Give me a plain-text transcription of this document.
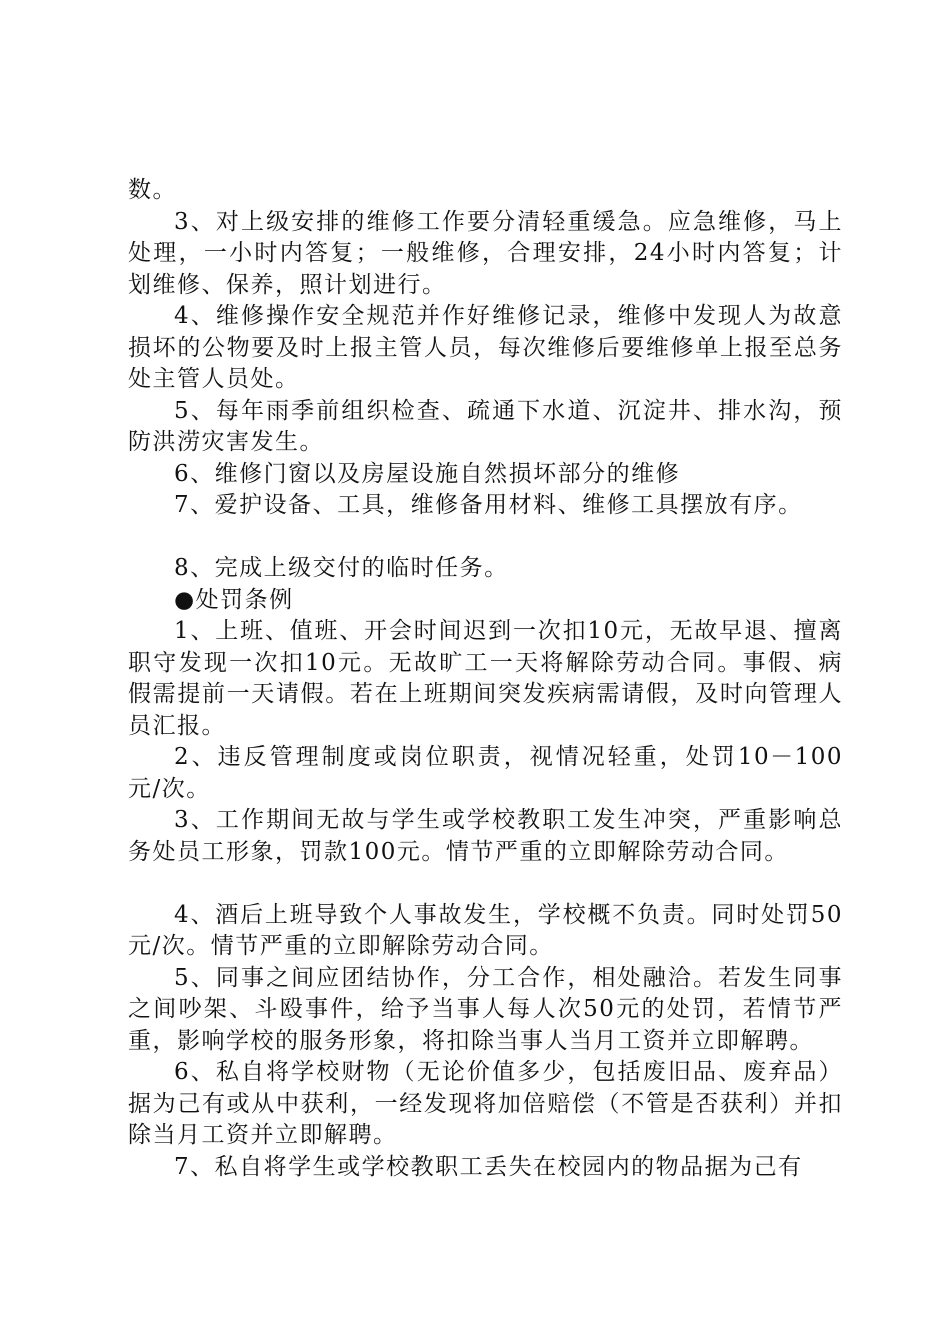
数。

3、对上级安排的维修工作要分清轻重缓急。应急维修，马上处理，一小时内答复；一般维修，合理安排，24小时内答复；计划维修、保养，照计划进行。

4、维修操作安全规范并作好维修记录，维修中发现人为故意损坏的公物要及时上报主管人员，每次维修后要维修单上报至总务处主管人员处。

5、每年雨季前组织检查、疏通下水道、沉淀井、排水沟，预防洪涝灾害发生。

6、维修门窗以及房屋设施自然损坏部分的维修

7、爱护设备、工具，维修备用材料、维修工具摆放有序。

8、完成上级交付的临时任务。

●处罚条例

1、上班、值班、开会时间迟到一次扣10元，无故早退、擅离职守发现一次扣10元。无故旷工一天将解除劳动合同。事假、病假需提前一天请假。若在上班期间突发疾病需请假，及时向管理人员汇报。

2、违反管理制度或岗位职责，视情况轻重，处罚10－100元/次。

3、工作期间无故与学生或学校教职工发生冲突，严重影响总务处员工形象，罚款100元。情节严重的立即解除劳动合同。

4、酒后上班导致个人事故发生，学校概不负责。同时处罚50元/次。情节严重的立即解除劳动合同。

5、同事之间应团结协作，分工合作，相处融洽。若发生同事之间吵架、斗殴事件，给予当事人每人次50元的处罚，若情节严重，影响学校的服务形象，将扣除当事人当月工资并立即解聘。

6、私自将学校财物（无论价值多少，包括废旧品、废弃品）据为己有或从中获利，一经发现将加倍赔偿（不管是否获利）并扣除当月工资并立即解聘。

7、私自将学生或学校教职工丢失在校园内的物品据为己有
